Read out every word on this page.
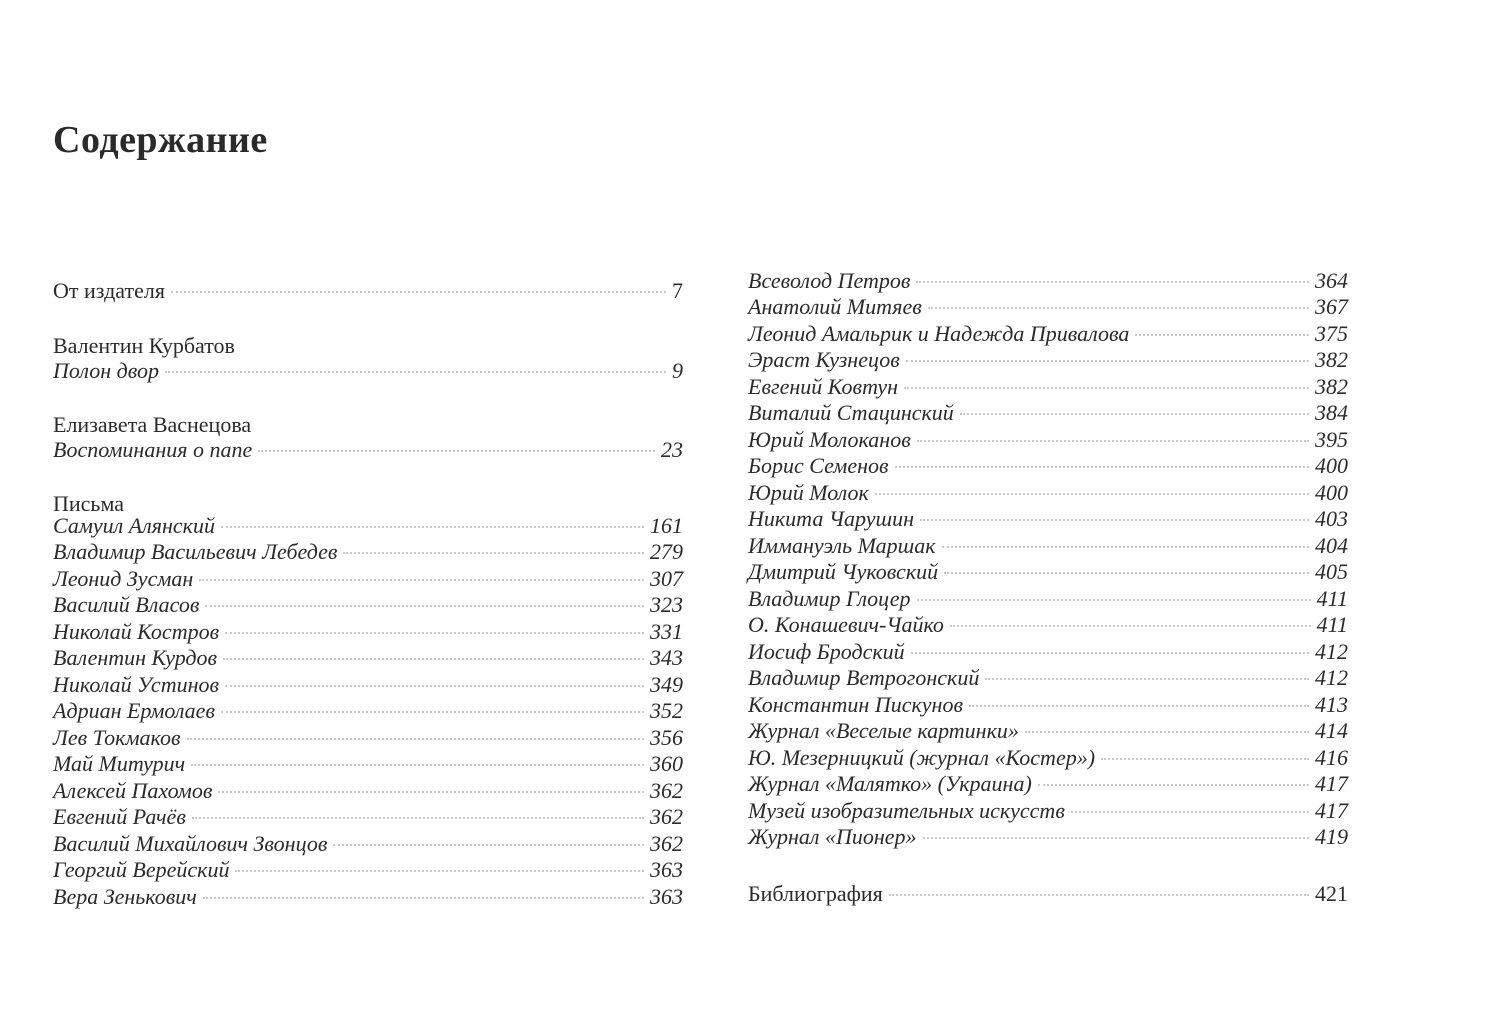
Содержание
От издателя	7
Валентин Курбатов
Полон двор	9
Елизавета Васнецова
Воспоминания о папе	23
Письма
Самуил Алянский	161
Владимир Васильевич Лебедев	279
Леонид Зусман	307
Василий Власов	323
Николай Костров	331
Валентин Курдов	343
Николай Устинов	349
Адриан Ермолаев	352
Лев Токмаков	356
Май Митурич	360
Алексей Пахомов	362
Евгений Рачёв	362
Василий Михайлович Звонцов	362
Георгий Верейский	363
Вера Зенькович	363
Всеволод Петров	364
Анатолий Митяев	367
Леонид Амальрик и Надежда Привалова	375
Эраст Кузнецов	382
Евгений Ковтун	382
Виталий Стацинский	384
Юрий Молоканов	395
Борис Семенов	400
Юрий Молок	400
Никита Чарушин	403
Иммануэль Маршак	404
Дмитрий Чуковский	405
Владимир Глоцер	411
О. Конашевич-Чайко	411
Иосиф Бродский	412
Владимир Ветрогонский	412
Константин Пискунов	413
Журнал «Веселые картинки»	414
Ю. Мезерницкий (журнал «Костер»)	416
Журнал «Малятко» (Украина)	417
Музей изобразительных искусств	417
Журнал «Пионер»	419
Библиография	421
